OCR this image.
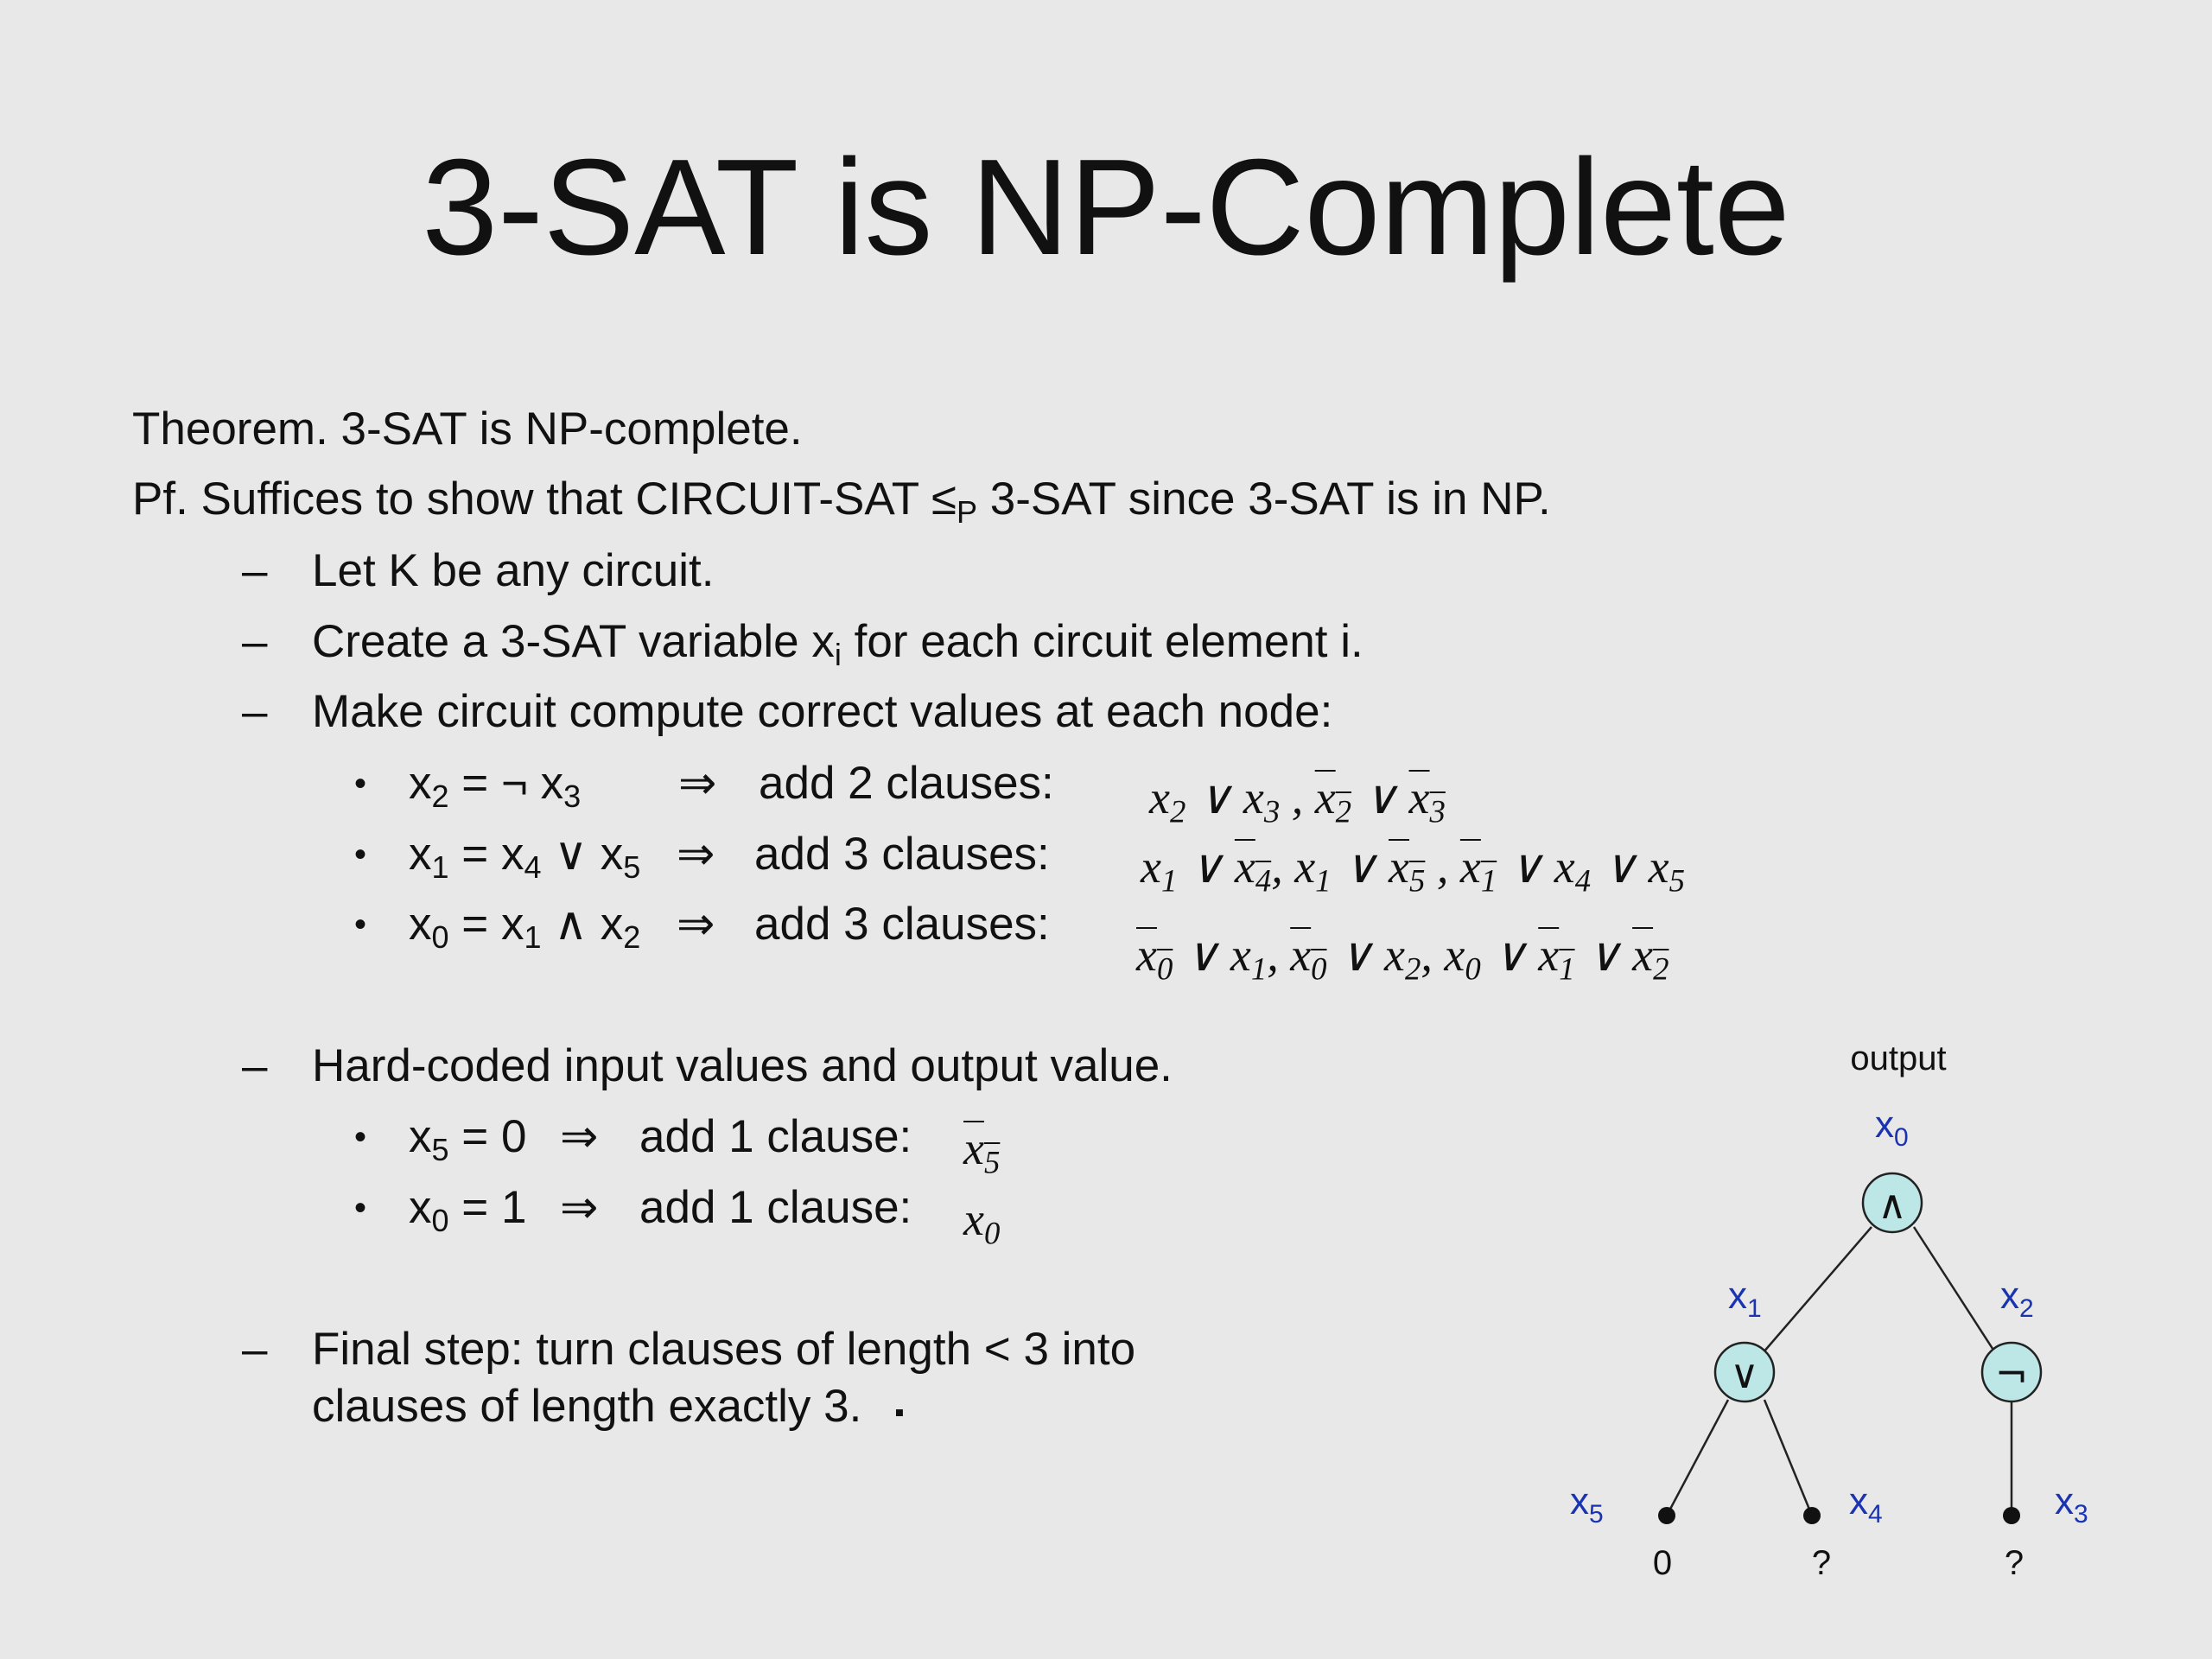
3-SAT is NP-Complete
Theorem. 3-SAT is NP-complete.
Pf. Suffices to show that CIRCUIT-SAT $\le_P$ 3-SAT since 3-SAT is in NP.
– Let K be any circuit.
– Create a 3-SAT variable $x_i$ for each circuit element i.
– Make circuit compute correct values at each node:
• $x_2$ = ¬ $x_3$ ⇒ add 2 clauses: $x_2$ ∨ $x_3$ , $x_2$ ∨ $x_3$
• $x_1 = x_4$ ∨ $x_5$ ⇒ add 3 clauses: $x_1$ ∨ $x_4$, $x_1$ ∨ $x_5$ , $x_1$ ∨ $x_4$ ∨ $x_5$
• $x_0 = x_1$ ∧ $x_2$ ⇒ add 3 clauses:
$x_0$ ∨ $x_1$, $x_0$ ∨ $x_2$, $x_0$ ∨ $x_1$ ∨ $x_2$
– Hard-coded input values and output value.
• $x_5 = 0$ ⇒ add 1 clause: $x_5$
• $x_0 = 1$ ⇒ add 1 clause: $x_0$
– Final step: turn clauses of length < 3 into
clauses of length exactly 3. ▪
∧
∨	¬
output
0	?	?
$x_0$
$x_1$	$x_2$
$x_5$	$x_4$	$x_3$
